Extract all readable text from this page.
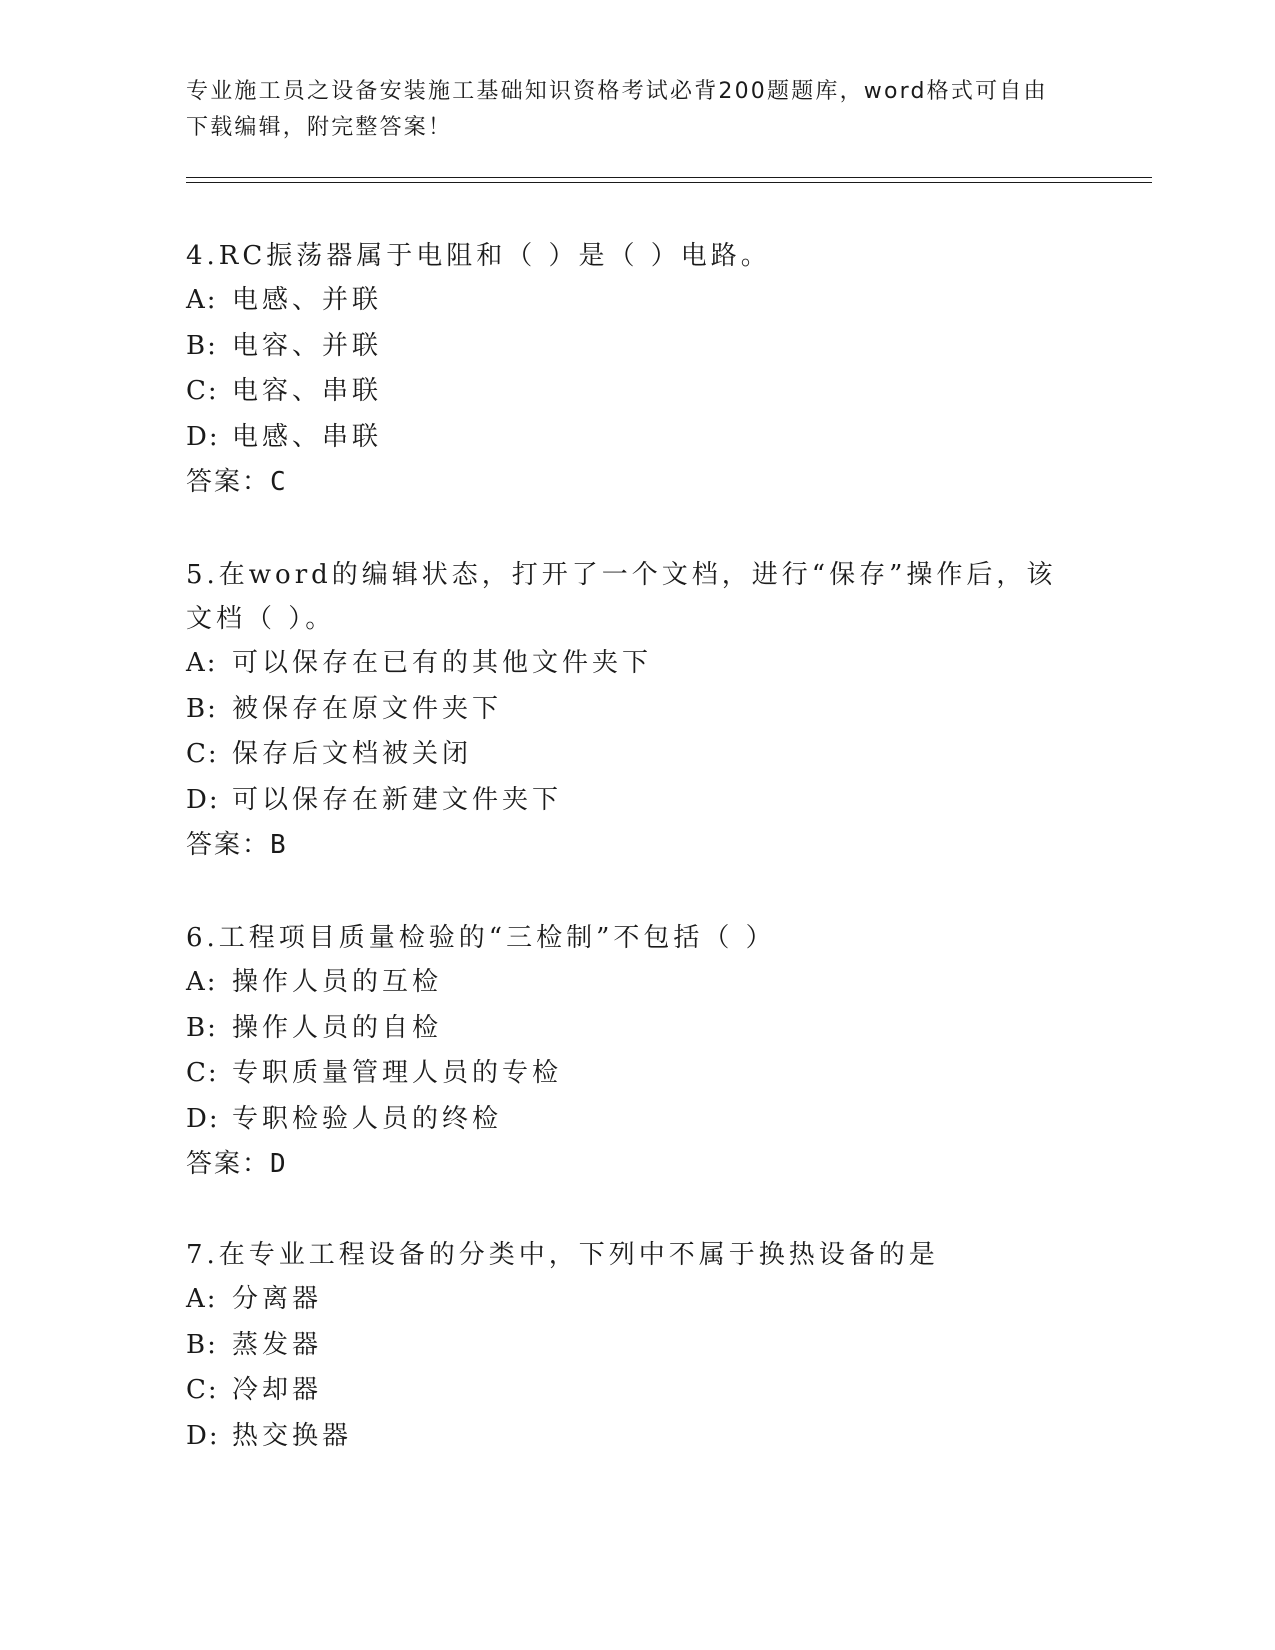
专业施工员之设备安装施工基础知识资格考试必背200题题库，word格式可自由
下载编辑，附完整答案！

4.RC振荡器属于电阻和（ ）是（ ）电路。

A: 电感、并联
B: 电容、并联
C: 电容、串联
D: 电感、串联
答案：C

5.在word的编辑状态，打开了一个文档，进行“保存”操作后，该文档（ ）。

A: 可以保存在已有的其他文件夹下
B: 被保存在原文件夹下
C: 保存后文档被关闭
D: 可以保存在新建文件夹下
答案：B

6.工程项目质量检验的“三检制”不包括（ ）

A: 操作人员的互检
B: 操作人员的自检
C: 专职质量管理人员的专检
D: 专职检验人员的终检
答案：D

7.在专业工程设备的分类中，下列中不属于换热设备的是

A: 分离器
B: 蒸发器
C: 冷却器
D: 热交换器
